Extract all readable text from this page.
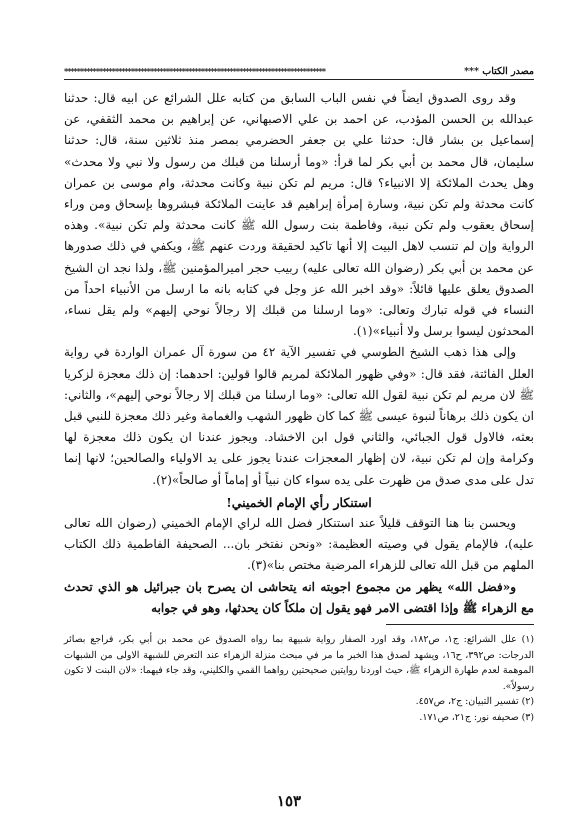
مصدر الكتاب ***
**********************************************************************************

وقد روى الصدوق ايضاً في نفس الباب السابق من كتابه علل الشرائع عن ابيه قال: حدثنا عبدالله بن الحسن المؤدب، عن احمد بن علي الاصبهاني، عن إبراهيم بن محمد الثقفي، عن إسماعيل بن بشار قال: حدثنا علي بن جعفر الحضرمي بمصر منذ ثلاثين سنة، قال: حدثنا سليمان، قال محمد بن أبي بكر لما قرأ: «وما أرسلنا من قبلك من رسول ولا نبي ولا محدث» وهل يحدث الملائكة إلا الانبياء؟ قال: مريم لم تكن نبية وكانت محدثة، وام موسى بن عمران كانت محدثة ولم تكن نبية، وسارة إمرأة إبراهيم قد عاينت الملائكة فبشروها بإسحاق ومن وراء إسحاق يعقوب ولم تكن نبية، وفاطمة بنت رسول الله ﷺ كانت محدثة ولم تكن نبية». وهذه الرواية وإن لم تنسب لاهل البيت إلا أنها تاكيد لحقيقة وردت عنهم ﷺ، ويكفي في ذلك صدورها عن محمد بن أبي بكر (رضوان الله تعالى عليه) ربيب حجر اميرالمؤمنين ﷺ، ولذا نجد ان الشيخ الصدوق يعلق عليها قائلاً: «وقد اخبر الله عز وجل في كتابه بانه ما ارسل من الأنبياء احداً من النساء في قوله تبارك وتعالى: «وما ارسلنا من قبلك إلا رجالاً نوحي إليهم» ولم يقل نساء، المحدثون ليسوا برسل ولا أنبياء»(١).

وإلى هذا ذهب الشيخ الطوسي في تفسير الآية ٤٢ من سورة آل عمران الواردة في رواية العلل الفائتة، فقد قال: «وفي ظهور الملائكة لمريم قالوا قولين: احدهما: إن ذلك معجزة لزكريا ﷺ لان مريم لم تكن نبية لقول الله تعالى: «وما ارسلنا من قبلك إلا رجالاً نوحي إليهم»، والثاني: ان يكون ذلك برهاناً لنبوة عيسى ﷺ كما كان ظهور الشهب والغمامة وغير ذلك معجزة للنبي قبل بعثه، فالاول قول الجبائي، والثاني قول ابن الاخشاد. ويجوز عندنا ان يكون ذلك معجزة لها وكرامة وإن لم تكن نبية، لان إظهار المعجزات عندنا يجوز على يد الاولياء والصالحين؛ لانها إنما تدل على مدى صدق من ظهرت على يده سواء كان نبياً أو إماماً أو صالحاً»(٢).

استنكار رأي الإمام الخميني!

ويحسن بنا هنا التوقف قليلاً عند استنكار فضل الله لراي الإمام الخميني (رضوان الله تعالى عليه)، فالإمام يقول في وصيته العظيمة: «ونحن نفتخر بان... الصحيفة الفاطمية ذلك الكتاب الملهم من قبل الله تعالى للزهراء المرضية مختص بنا»(٣).

و«فضل الله» يظهر من مجموع اجوبته انه يتحاشى ان يصرح بان جبرائيل هو الذي تحدث مع الزهراء ﷺ وإذا اقتضى الامر فهو يقول إن ملكاً كان يحدثها، وهو في جوابه

(١) علل الشرائع: ج١، ص١٨٢، وقد اورد الصفار رواية شبيهة بما رواه الصدوق عن محمد بن أبي بكر، فراجع بصائر الدرجات: ص٣٩٢، ح١٦، ويشهد لصدق هذا الخبر ما مر في مبحث منزلة الزهراء عند التعرض للشبهة الاولى من الشبهات الموهمة لعدم طهارة الزهراء ﷺ، حيث اوردنا روايتين صحيحتين رواهما القمي والكليني، وقد جاء فيهما: «لان البنت لا تكون رسولاً».

(٢) تفسير التبيان: ج٢، ص٤٥٧.

(٣) صحيفه نور: ج٢١، ص١٧١.

١٥٣
